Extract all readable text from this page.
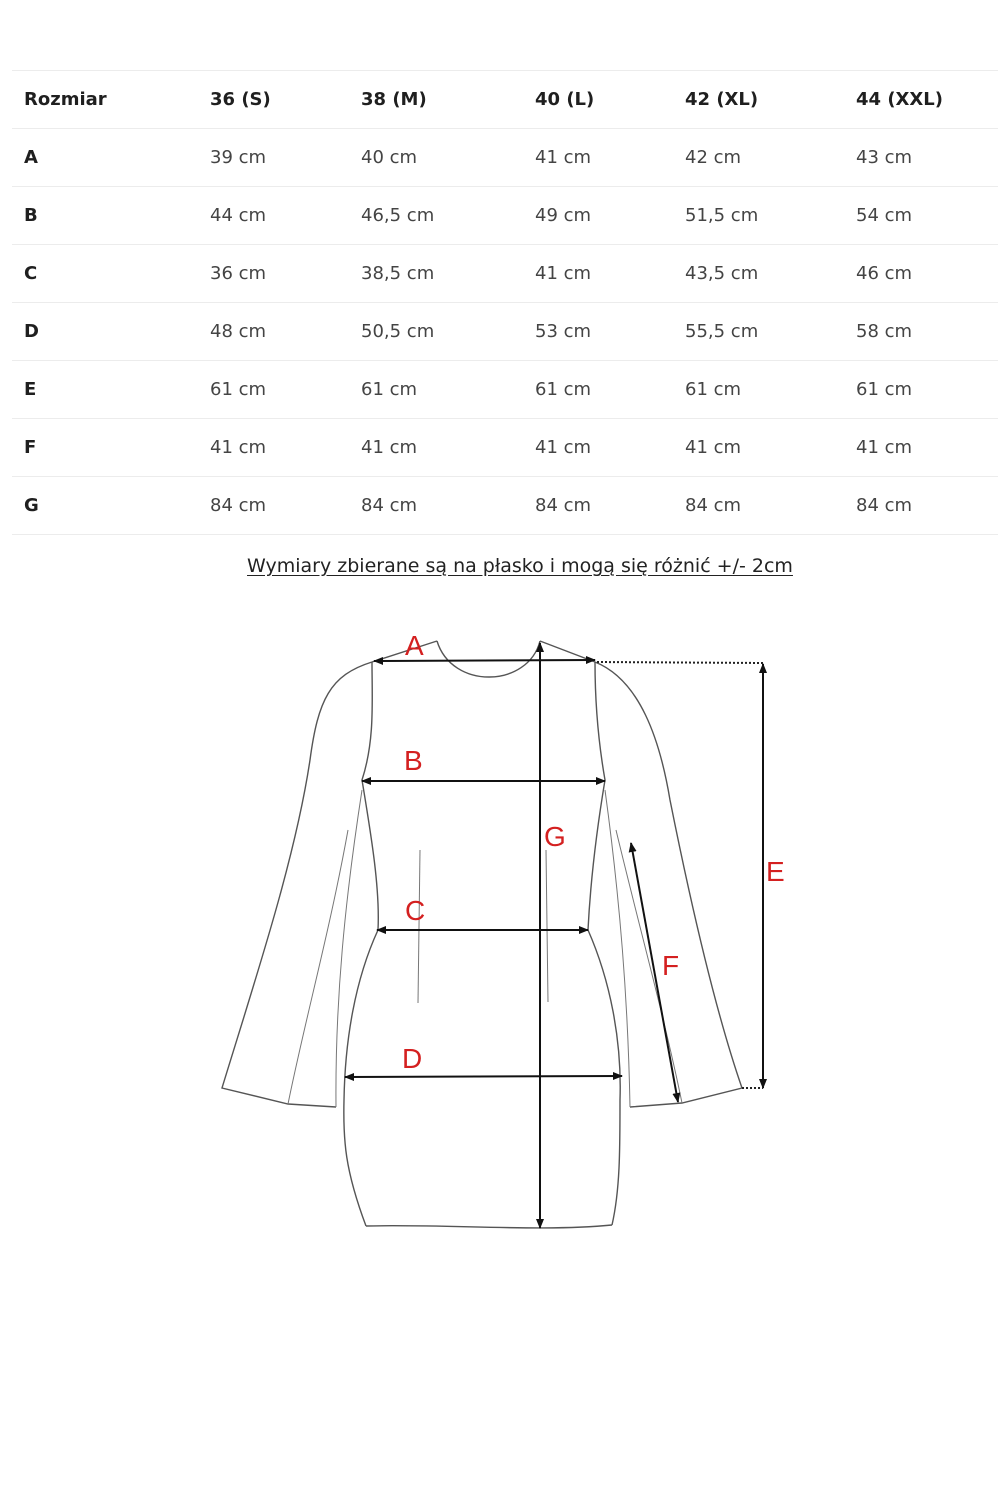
Rozmiar	36 (S)	38 (M)	40 (L)	42 (XL)	44 (XXL)
A	39 cm	40 cm	41 cm	42 cm	43 cm
B	44 cm	46,5 cm	49 cm	51,5 cm	54 cm
C	36 cm	38,5 cm	41 cm	43,5 cm	46 cm
D	48 cm	50,5 cm	53 cm	55,5 cm	58 cm
E	61 cm	61 cm	61 cm	61 cm	61 cm
F	41 cm	41 cm	41 cm	41 cm	41 cm
G	84 cm	84 cm	84 cm	84 cm	84 cm
Wymiary zbierane są na płasko i mogą się różnić +/- 2cm
A
B
G
E
C
F
D
